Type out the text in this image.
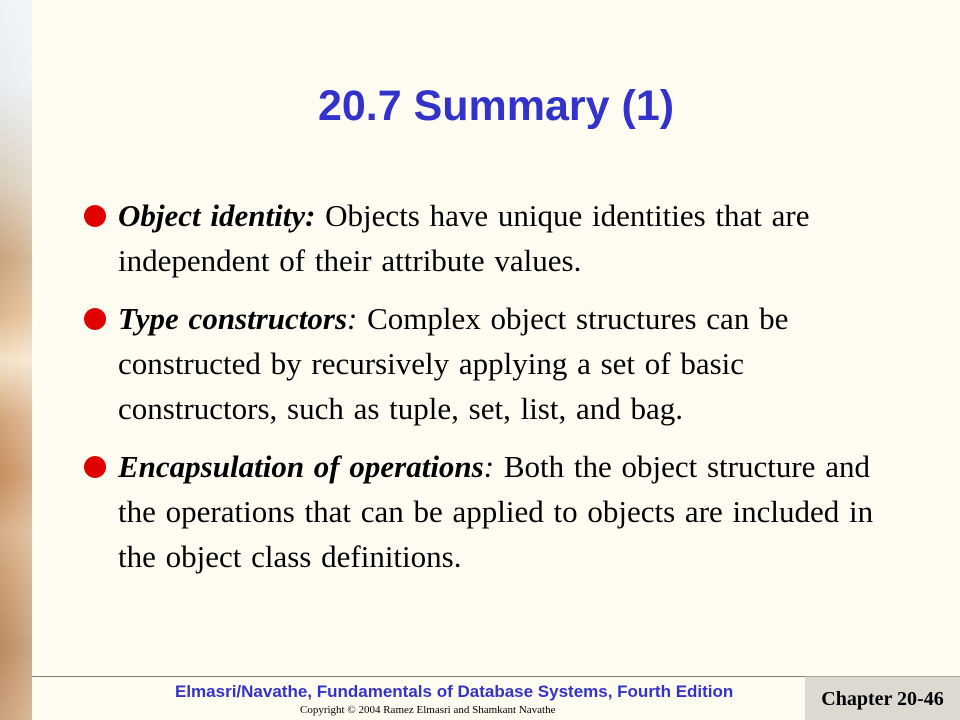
20.7 Summary (1)
Object identity: Objects have unique identities that are independent of their attribute values.
Type constructors: Complex object structures can be constructed by recursively applying a set of basic constructors, such as tuple, set, list, and bag.
Encapsulation of operations: Both the object structure and the operations that can be applied to objects are included in the object class definitions.
Elmasri/Navathe, Fundamentals of Database Systems, Fourth Edition
Copyright © 2004 Ramez Elmasri and Shamkant Navathe
Chapter 20-46
